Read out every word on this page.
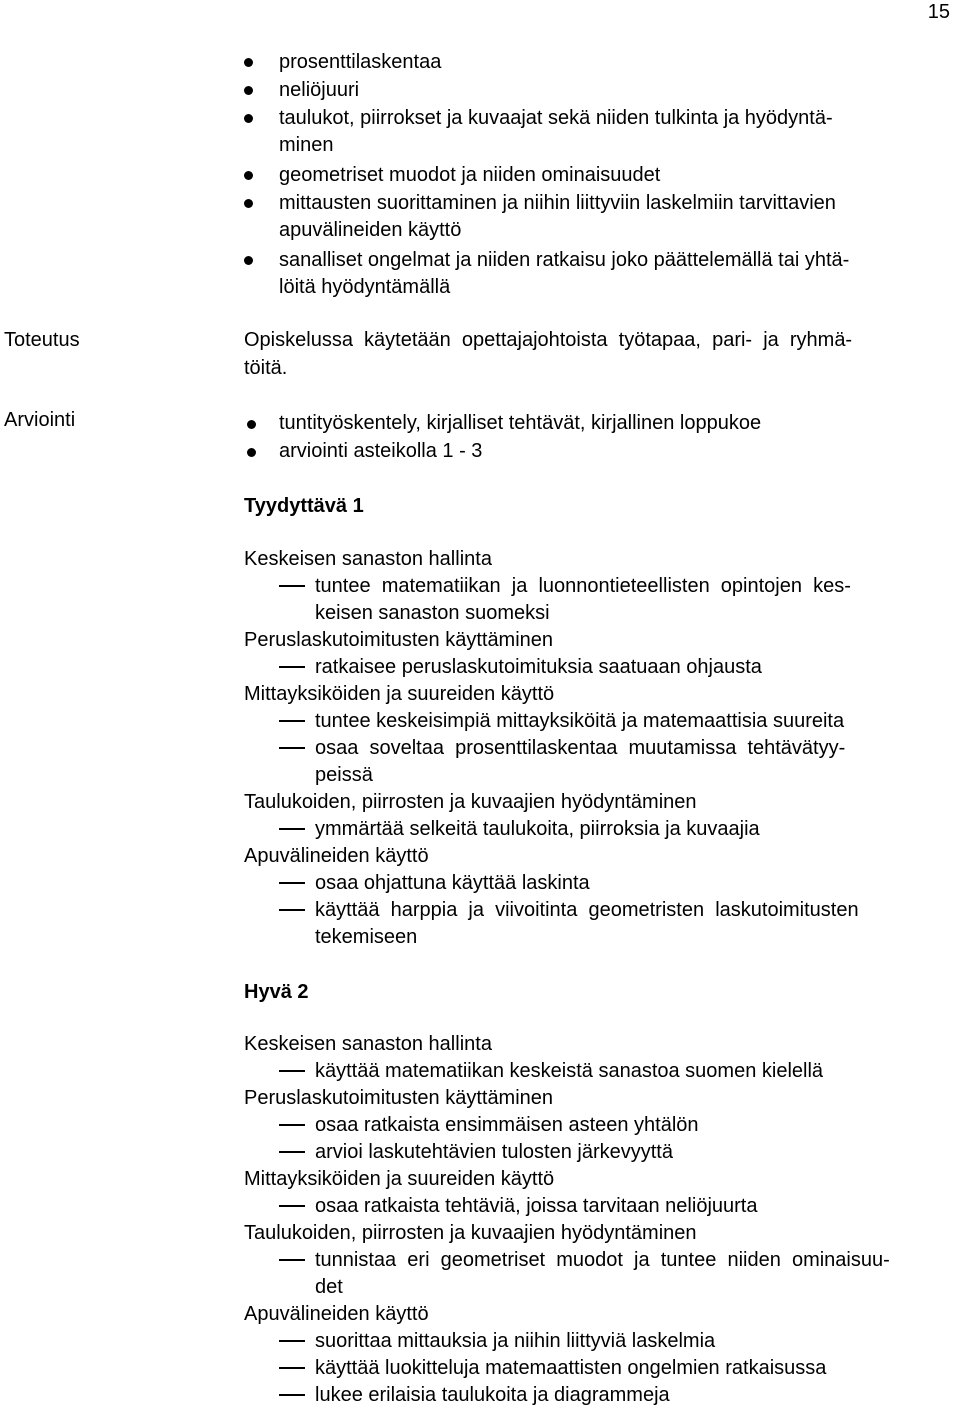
15
prosenttilaskentaa
neliöjuuri
taulukot, piirrokset ja kuvaajat sekä niiden tulkinta ja hyödyntä-
minen
geometriset muodot ja niiden ominaisuudet
mittausten suorittaminen ja niihin liittyviin laskelmiin tarvittavien
apuvälineiden käyttö
sanalliset ongelmat ja niiden ratkaisu joko päättelemällä tai yhtä-
löitä hyödyntämällä
Toteutus	Opiskelussa  käytetään  opettajajohtoista  työtapaa,  pari-  ja  ryhmä-
töitä.
Arviointi	tuntityöskentely, kirjalliset tehtävät, kirjallinen loppukoe
arviointi asteikolla 1 - 3
Tyydyttävä 1
Keskeisen sanaston hallinta
tuntee  matematiikan  ja  luonnontieteellisten  opintojen  kes-
keisen sanaston suomeksi
Peruslaskutoimitusten käyttäminen
ratkaisee peruslaskutoimituksia saatuaan ohjausta
Mittayksiköiden ja suureiden käyttö
tuntee keskeisimpiä mittayksiköitä ja matemaattisia suureita
osaa  soveltaa  prosenttilaskentaa  muutamissa  tehtävätyy-
peissä
Taulukoiden, piirrosten ja kuvaajien hyödyntäminen
ymmärtää selkeitä taulukoita, piirroksia ja kuvaajia
Apuvälineiden käyttö
osaa ohjattuna käyttää laskinta
käyttää  harppia  ja  viivoitinta  geometristen  laskutoimitusten
tekemiseen
Hyvä 2
Keskeisen sanaston hallinta
käyttää matematiikan keskeistä sanastoa suomen kielellä
Peruslaskutoimitusten käyttäminen
osaa ratkaista ensimmäisen asteen yhtälön
arvioi laskutehtävien tulosten järkevyyttä
Mittayksiköiden ja suureiden käyttö
osaa ratkaista tehtäviä, joissa tarvitaan neliöjuurta
Taulukoiden, piirrosten ja kuvaajien hyödyntäminen
tunnistaa  eri  geometriset  muodot  ja  tuntee  niiden  ominaisuu-
det
Apuvälineiden käyttö
suorittaa mittauksia ja niihin liittyviä laskelmia
käyttää luokitteluja matemaattisten ongelmien ratkaisussa
lukee erilaisia taulukoita ja diagrammeja
